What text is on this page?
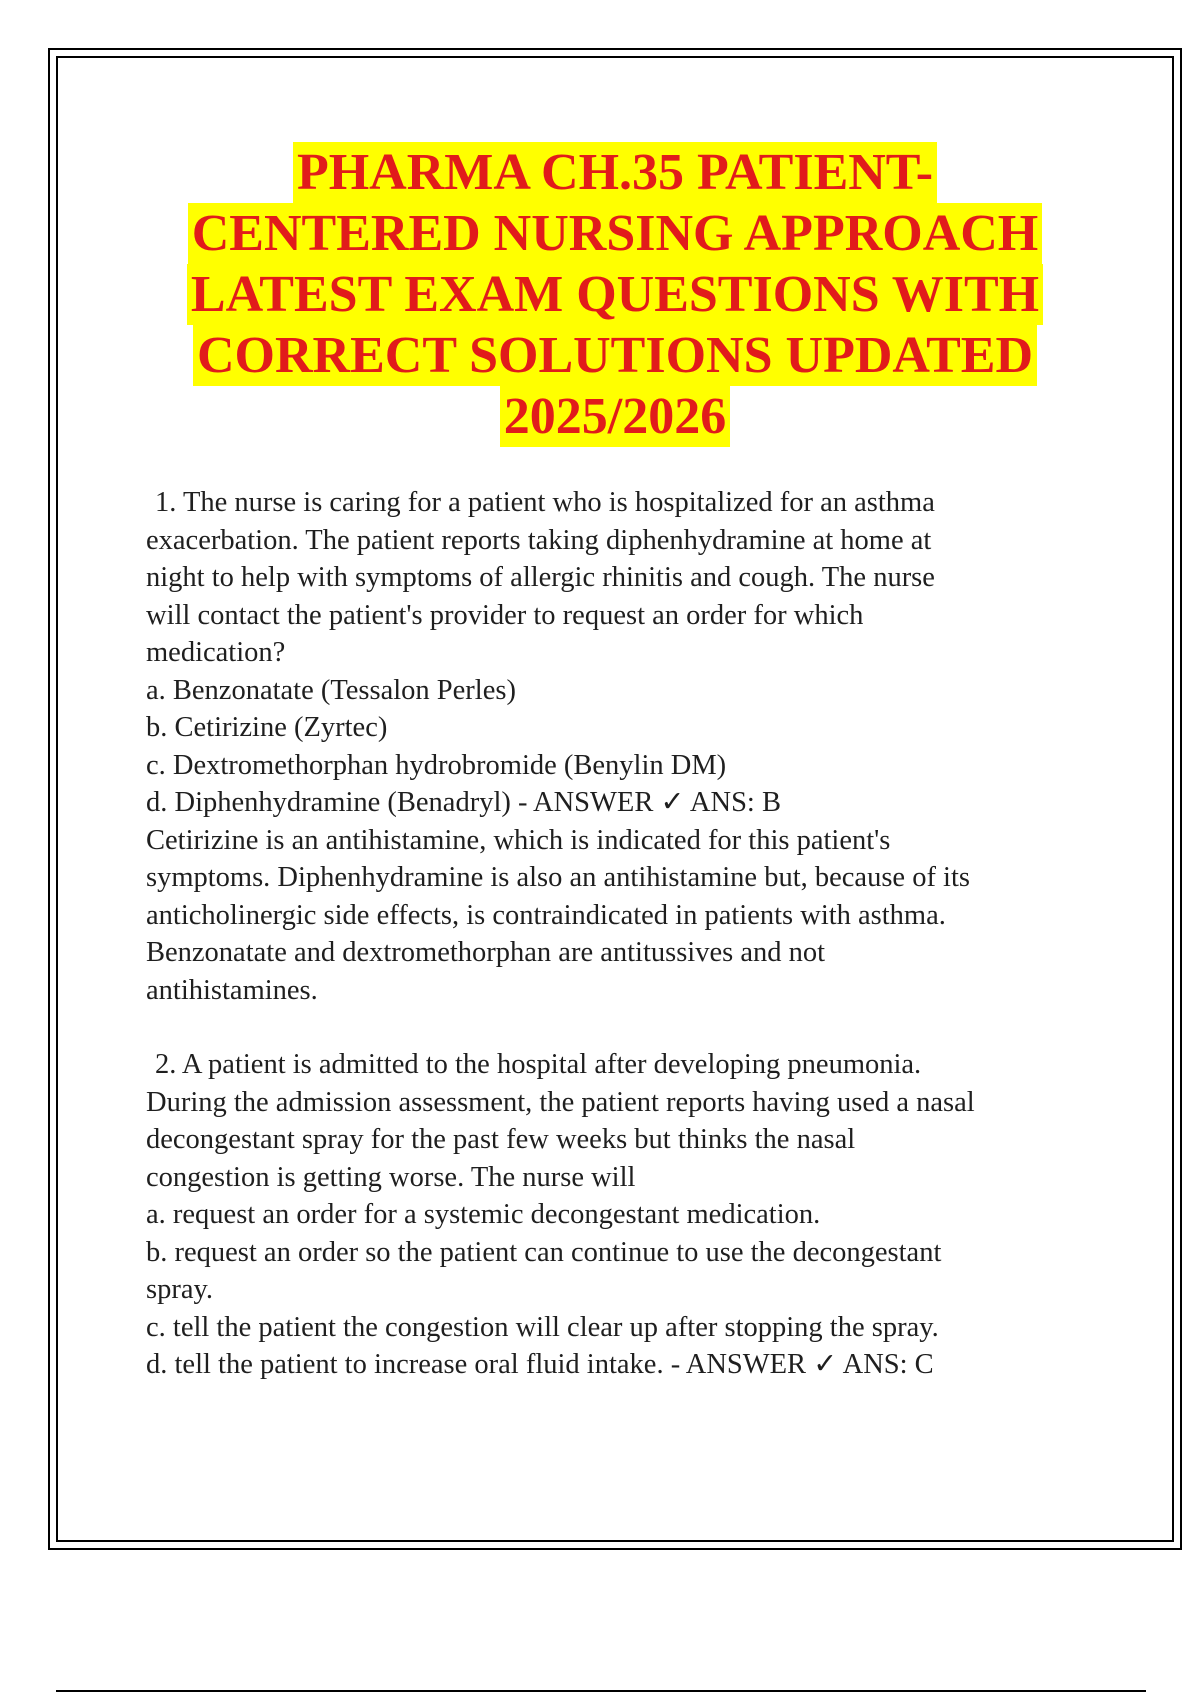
PHARMA CH.35 PATIENT-
CENTERED NURSING APPROACH
LATEST EXAM QUESTIONS WITH
CORRECT SOLUTIONS UPDATED
2025/2026
1. The nurse is caring for a patient who is hospitalized for an asthma
exacerbation. The patient reports taking diphenhydramine at home at
night to help with symptoms of allergic rhinitis and cough. The nurse
will contact the patient's provider to request an order for which
medication?
a. Benzonatate (Tessalon Perles)
b. Cetirizine (Zyrtec)
c. Dextromethorphan hydrobromide (Benylin DM)
d. Diphenhydramine (Benadryl) - ANSWER ✓ ANS: B
Cetirizine is an antihistamine, which is indicated for this patient's
symptoms. Diphenhydramine is also an antihistamine but, because of its
anticholinergic side effects, is contraindicated in patients with asthma.
Benzonatate and dextromethorphan are antitussives and not
antihistamines.
2. A patient is admitted to the hospital after developing pneumonia.
During the admission assessment, the patient reports having used a nasal
decongestant spray for the past few weeks but thinks the nasal
congestion is getting worse. The nurse will
a. request an order for a systemic decongestant medication.
b. request an order so the patient can continue to use the decongestant
spray.
c. tell the patient the congestion will clear up after stopping the spray.
d. tell the patient to increase oral fluid intake. - ANSWER ✓ ANS: C
